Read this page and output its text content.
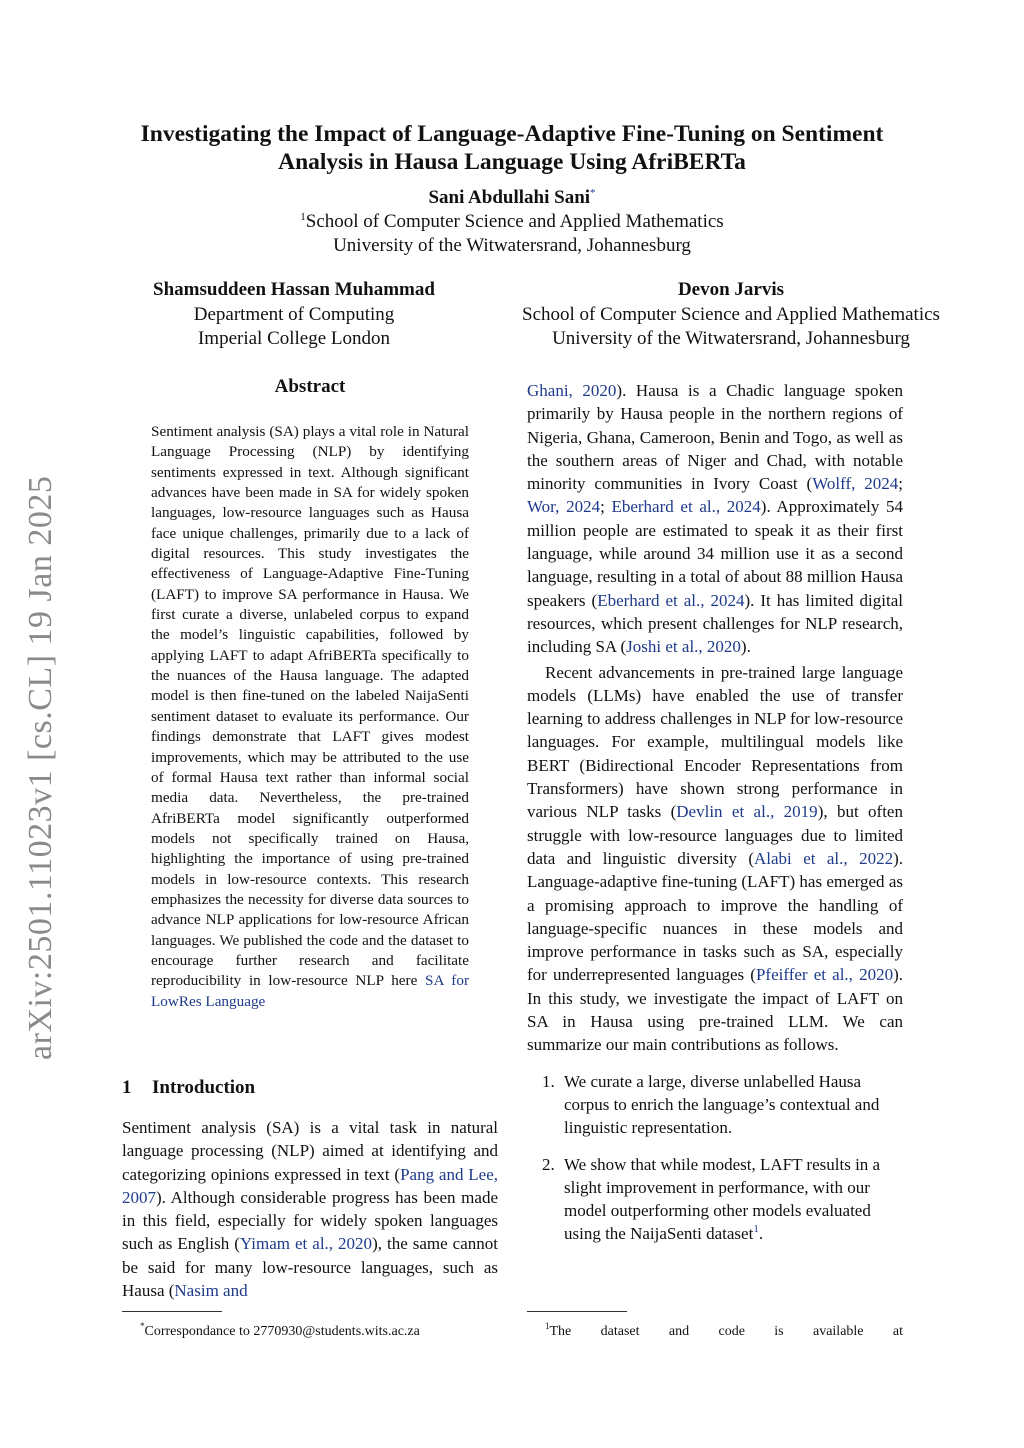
arXiv:2501.11023v1 [cs.CL] 19 Jan 2025
Investigating the Impact of Language-Adaptive Fine-Tuning on Sentiment Analysis in Hausa Language Using AfriBERTa
Sani Abdullahi Sani*
$^1$School of Computer Science and Applied Mathematics
University of the Witwatersrand, Johannesburg
Shamsuddeen Hassan Muhammad
Department of Computing
Imperial College London
Devon Jarvis
School of Computer Science and Applied Mathematics
University of the Witwatersrand, Johannesburg
Abstract

Sentiment analysis (SA) plays a vital role in Natural Language Processing (NLP) by identifying sentiments expressed in text. Although significant advances have been made in SA for widely spoken languages, low-resource languages such as Hausa face unique challenges, primarily due to a lack of digital resources. This study investigates the effectiveness of Language-Adaptive Fine-Tuning (LAFT) to improve SA performance in Hausa. We first curate a diverse, unlabeled corpus to expand the model’s linguistic capabilities, followed by applying LAFT to adapt AfriBERTa specifically to the nuances of the Hausa language. The adapted model is then fine-tuned on the labeled NaijaSenti sentiment dataset to evaluate its performance. Our findings demonstrate that LAFT gives modest improvements, which may be attributed to the use of formal Hausa text rather than informal social media data. Nevertheless, the pre-trained AfriBERTa model significantly outperformed models not specifically trained on Hausa, highlighting the importance of using pre-trained models in low-resource contexts. This research emphasizes the necessity for diverse data sources to advance NLP applications for low-resource African languages. We published the code and the dataset to encourage further research and facilitate reproducibility in low-resource NLP here SA for LowRes Language

1 Introduction

Sentiment analysis (SA) is a vital task in natural language processing (NLP) aimed at identifying and categorizing opinions expressed in text (Pang and Lee, 2007). Although considerable progress has been made in this field, especially for widely spoken languages such as English (Yimam et al., 2020), the same cannot be said for many low-resource languages, such as Hausa (Nasim and

Ghani, 2020). Hausa is a Chadic language spoken primarily by Hausa people in the northern regions of Nigeria, Ghana, Cameroon, Benin and Togo, as well as the southern areas of Niger and Chad, with notable minority communities in Ivory Coast (Wolff, 2024; Wor, 2024; Eberhard et al., 2024). Approximately 54 million people are estimated to speak it as their first language, while around 34 million use it as a second language, resulting in a total of about 88 million Hausa speakers (Eberhard et al., 2024). It has limited digital resources, which present challenges for NLP research, including SA (Joshi et al., 2020).

Recent advancements in pre-trained large language models (LLMs) have enabled the use of transfer learning to address challenges in NLP for low-resource languages. For example, multilingual models like BERT (Bidirectional Encoder Representations from Transformers) have shown strong performance in various NLP tasks (Devlin et al., 2019), but often struggle with low-resource languages due to limited data and linguistic diversity (Alabi et al., 2022). Language-adaptive fine-tuning (LAFT) has emerged as a promising approach to improve the handling of language-specific nuances in these models and improve performance in tasks such as SA, especially for underrepresented languages (Pfeiffer et al., 2020). In this study, we investigate the impact of LAFT on SA in Hausa using pre-trained LLM. We can summarize our main contributions as follows.

1. We curate a large, diverse unlabelled Hausa corpus to enrich the language’s contextual and linguistic representation.
2. We show that while modest, LAFT results in a slight improvement in performance, with our model outperforming other models evaluated using the NaijaSenti dataset$^1$.
*Correspondance to 2770930@students.wits.ac.za	$^1$The dataset and code is available at
